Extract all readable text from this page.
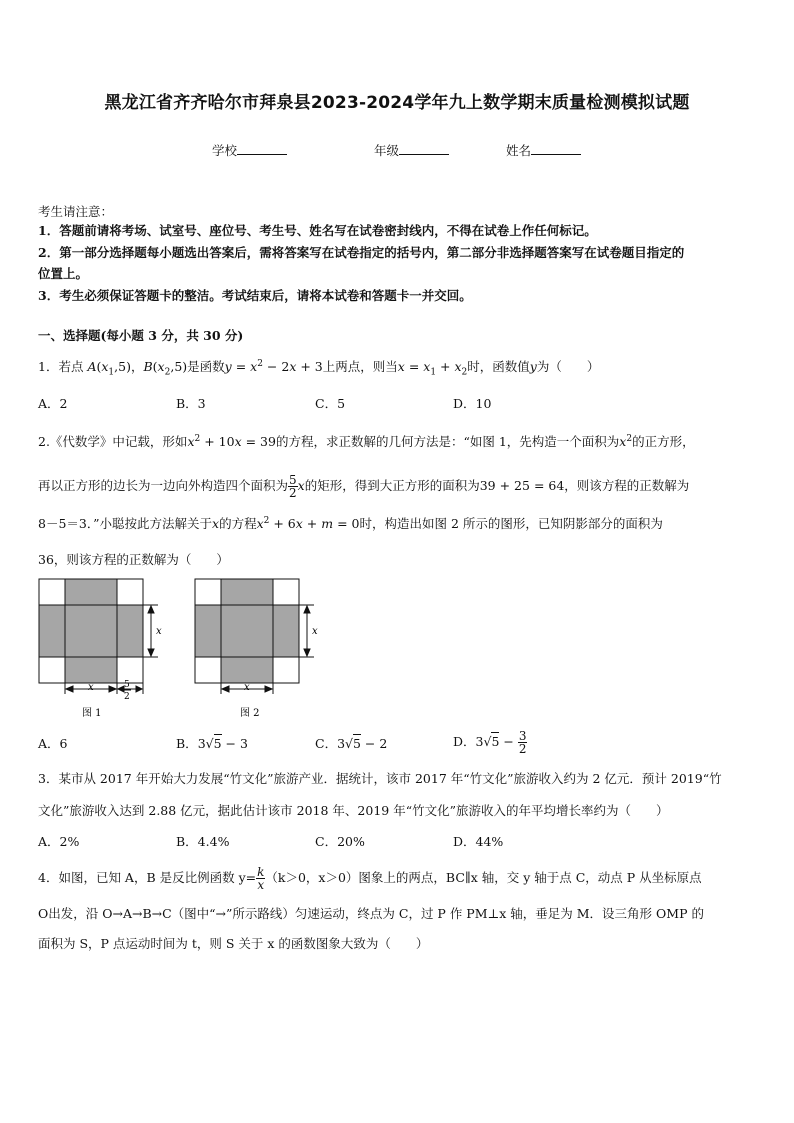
黑龙江省齐齐哈尔市拜泉县2023-2024学年九上数学期末质量检测模拟试题
学校	年级	姓名
考生请注意：
1．答题前请将考场、试室号、座位号、考生号、姓名写在试卷密封线内，不得在试卷上作任何标记。
2．第一部分选择题每小题选出答案后，需将答案写在试卷指定的括号内，第二部分非选择题答案写在试卷题目指定的
位置上。
3．考生必须保证答题卡的整洁。考试结束后，请将本试卷和答题卡一并交回。
一、选择题(每小题 3 分，共 30 分)
1．若点 $A(x_1,5)$，$B(x_2,5)$是函数$y = x^2 - 2x + 3$上两点，则当$x = x_1 + x_2$时，函数值y为（　　）
A．2	B．3	C．5	D．10
2.《代数学》中记载，形如$x^2 + 10x = 39$的方程，求正数解的几何方法是：“如图 1，先构造一个面积为$x^2$的正方形，
再以正方形的边长为一边向外构造四个面积为 $\frac{5}{2}$ x的矩形，得到大正方形的面积为39 + 25 = 64，则该方程的正数解为
8－5＝3．”小聪按此方法解关于x的方程$x^2 + 6x + m = 0$时，构造出如图 2 所示的图形，已知阴影部分的面积为
36，则该方程的正数解为（　　）
x
x	5
2
图 1
x
x
图 2
A．6	B．3√5 − 3	C．3√5 − 2	D．$3√5 - \frac{3}{2}$
3．某市从 2017 年开始大力发展“竹文化”旅游产业．据统计，该市 2017 年“竹文化”旅游收入约为 2 亿元．预计 2019“竹
文化”旅游收入达到 2.88 亿元，据此估计该市 2018 年、2019 年“竹文化”旅游收入的年平均增长率约为（　　）
A．2%	B．4.4%	C．20%	D．44%
4．如图，已知 A，B 是反比例函数 $y= \frac{k}{x} (k>0$，x＞0）图象上的两点，BC∥x 轴，交 y 轴于点 C，动点 P 从坐标原点
O出发，沿 O→A→B→C（图中“→”所示路线）匀速运动，终点为 C，过 P 作 PM⊥x 轴，垂足为 M．设三角形 OMP 的
面积为 S，P 点运动时间为 t，则 S 关于 x 的函数图象大致为（　　）
